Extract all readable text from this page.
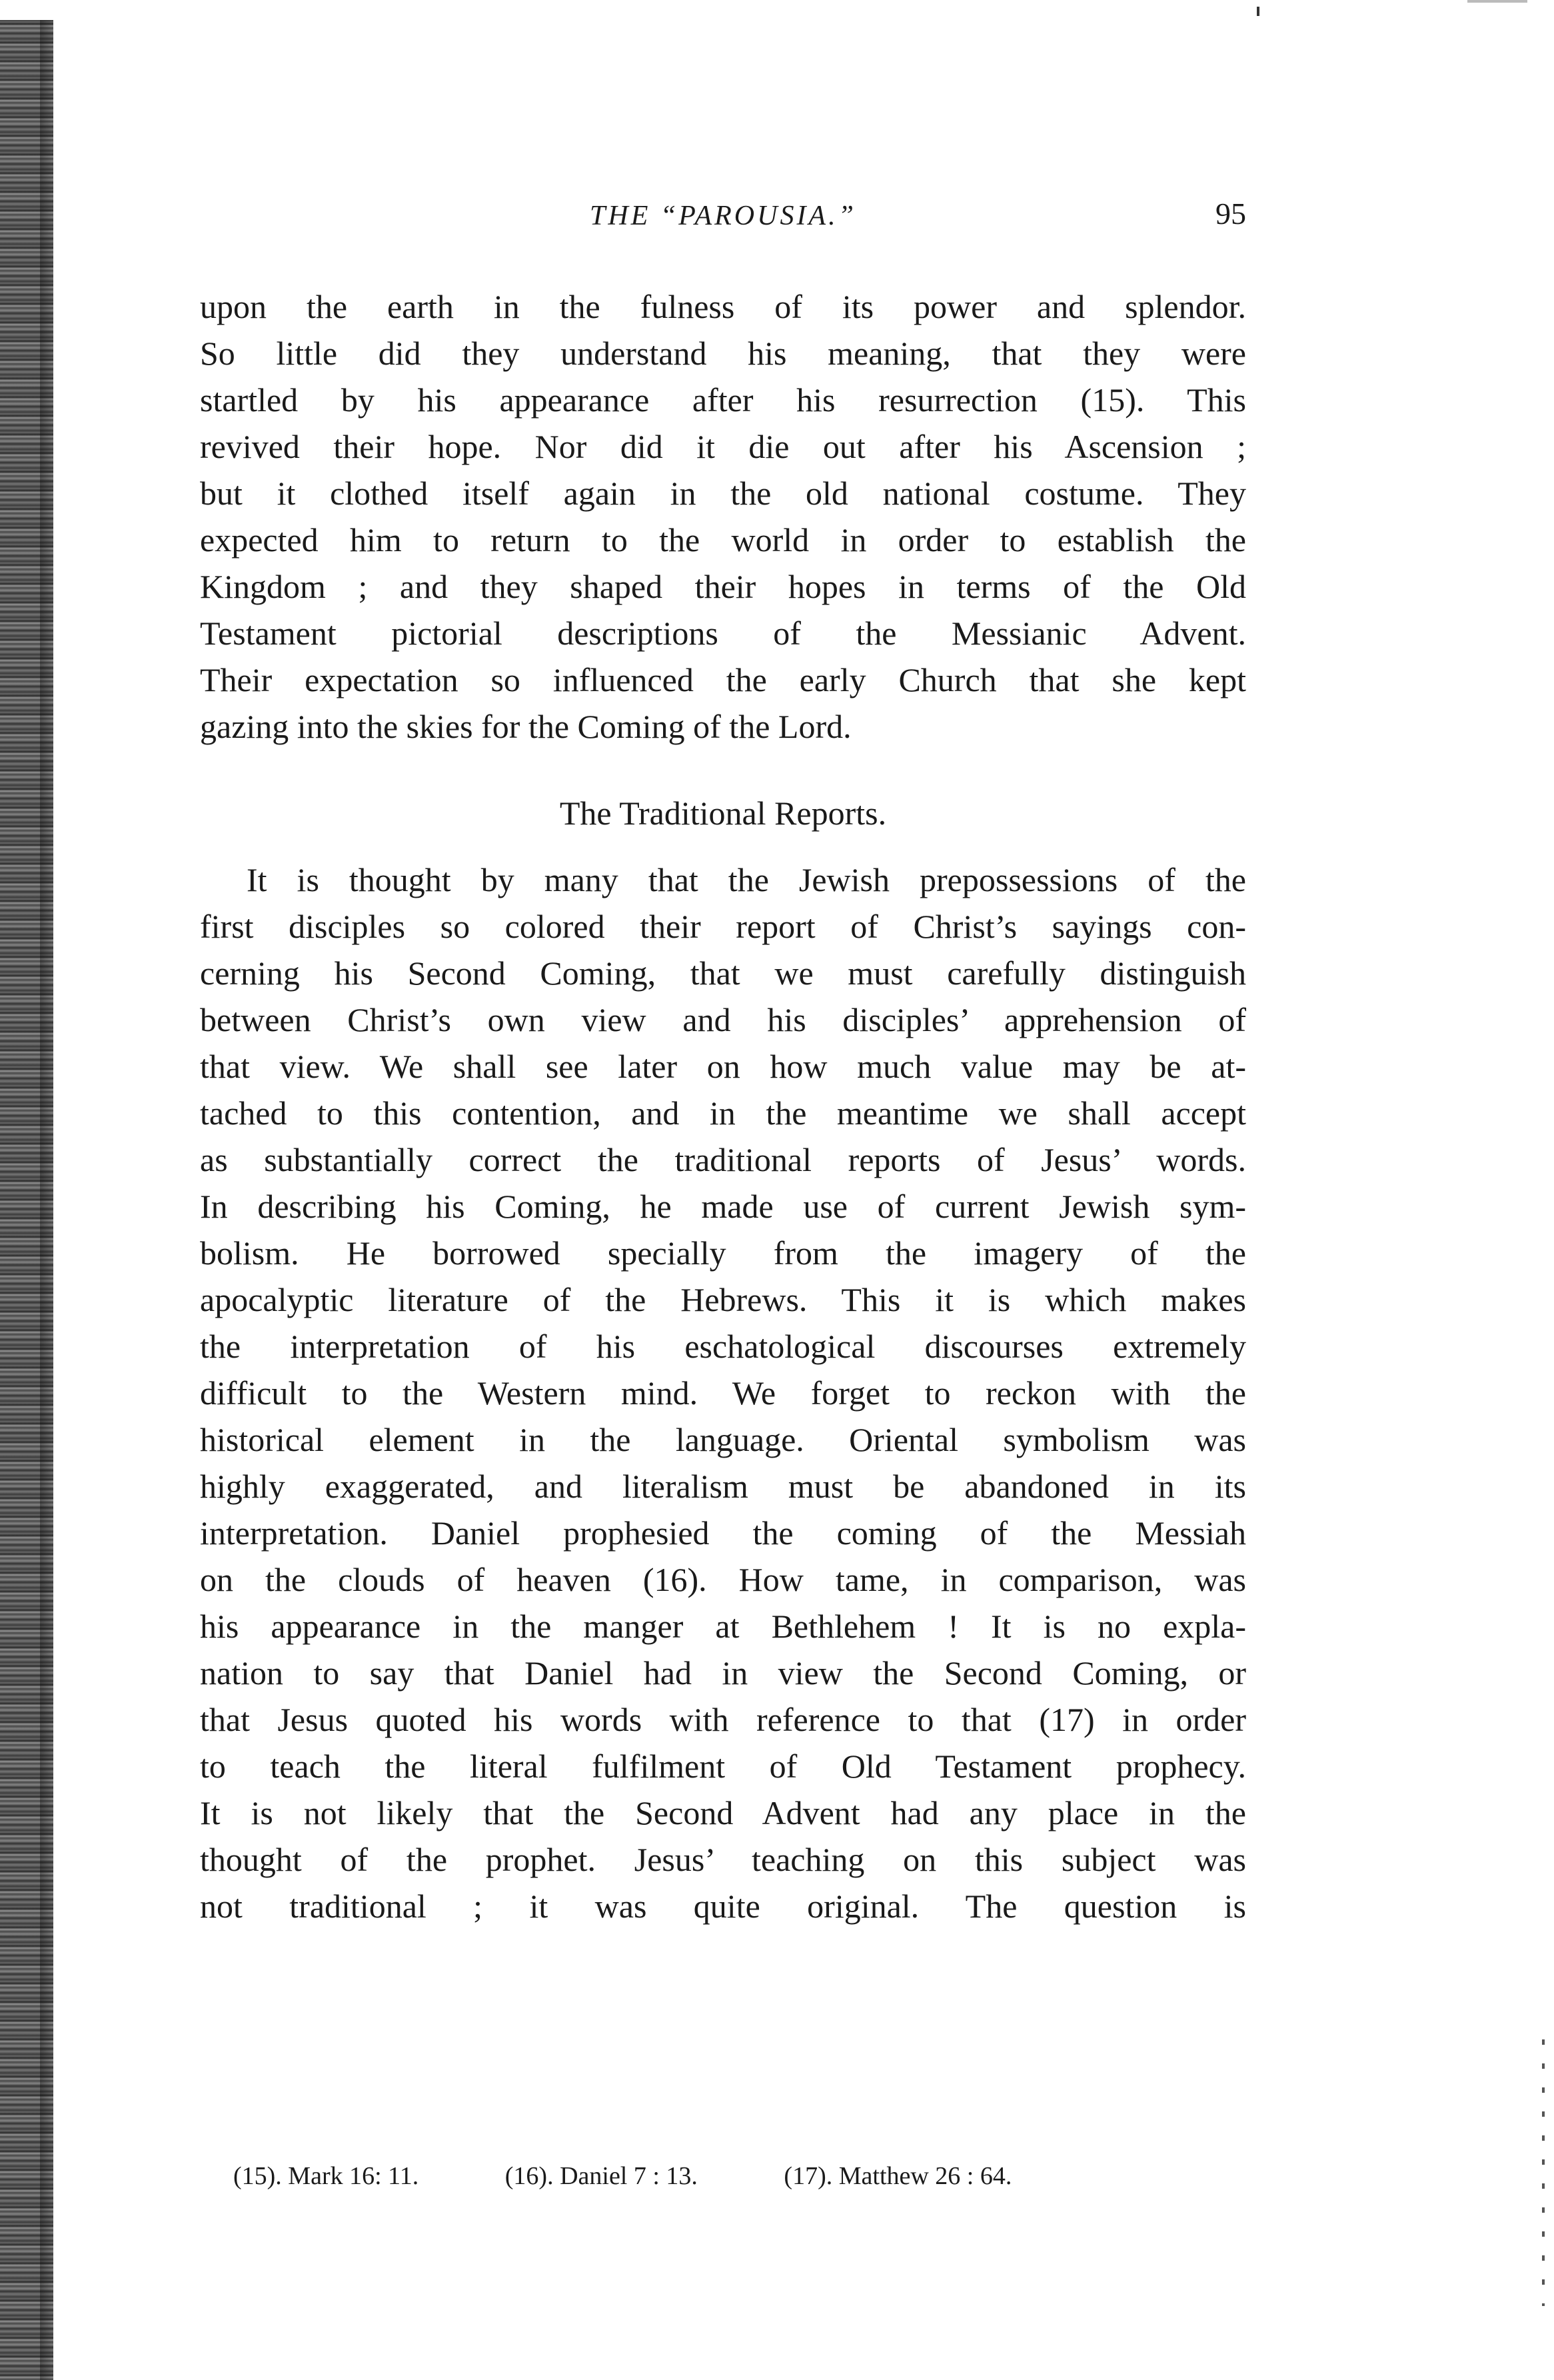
THE “PAROUSIA.”	95
upon the earth in the fulness of its power and splendor.
So little did they understand his meaning, that they were
startled by his appearance after his resurrection (15). This
revived their hope. Nor did it die out after his Ascension ;
but it clothed itself again in the old national costume. They
expected him to return to the world in order to establish the
Kingdom ; and they shaped their hopes in terms of the Old
Testament pictorial descriptions of the Messianic Advent.
Their expectation so influenced the early Church that she kept
gazing into the skies for the Coming of the Lord.
The Traditional Reports.
It is thought by many that the Jewish prepossessions of the
first disciples so colored their report of Christ’s sayings con-
cerning his Second Coming, that we must carefully distinguish
between Christ’s own view and his disciples’ apprehension of
that view. We shall see later on how much value may be at-
tached to this contention, and in the meantime we shall accept
as substantially correct the traditional reports of Jesus’ words.
In describing his Coming, he made use of current Jewish sym-
bolism. He borrowed specially from the imagery of the
apocalyptic literature of the Hebrews. This it is which makes
the interpretation of his eschatological discourses extremely
difficult to the Western mind. We forget to reckon with the
historical element in the language. Oriental symbolism was
highly exaggerated, and literalism must be abandoned in its
interpretation. Daniel prophesied the coming of the Messiah
on the clouds of heaven (16). How tame, in comparison, was
his appearance in the manger at Bethlehem ! It is no expla-
nation to say that Daniel had in view the Second Coming, or
that Jesus quoted his words with reference to that (17) in order
to teach the literal fulfilment of Old Testament prophecy.
It is not likely that the Second Advent had any place in the
thought of the prophet. Jesus’ teaching on this subject was
not traditional ; it was quite original. The question is
(15). Mark 16: 11.	(16). Daniel 7 : 13.	(17). Matthew 26 : 64.
